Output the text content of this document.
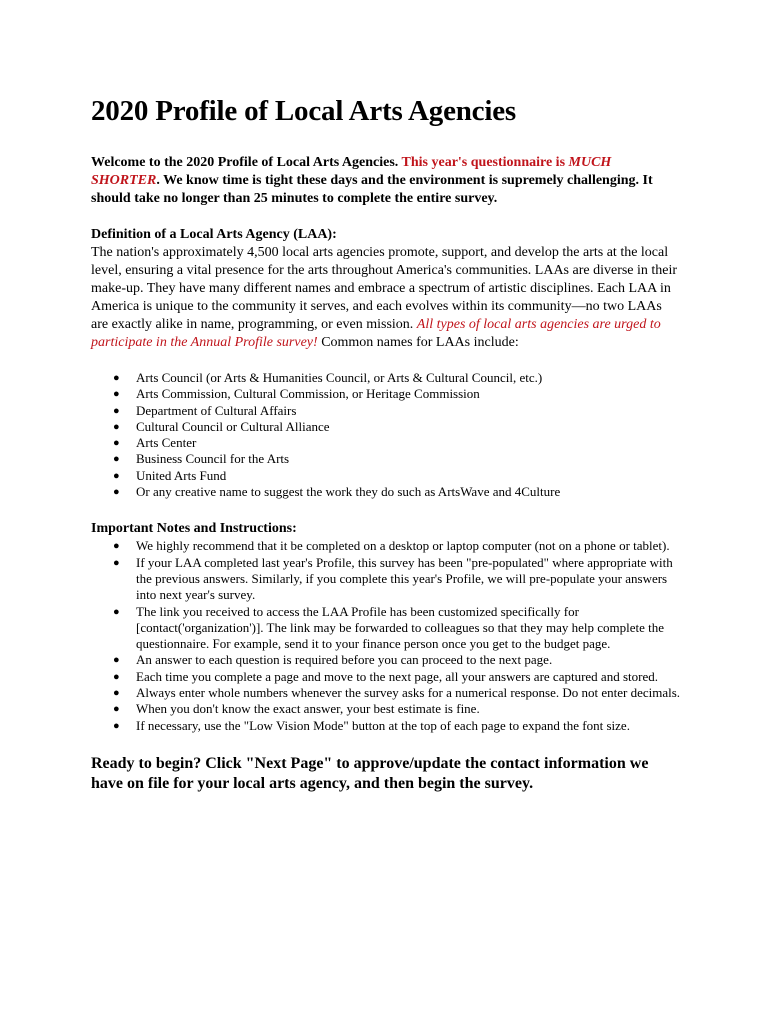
2020 Profile of Local Arts Agencies

Welcome to the 2020 Profile of Local Arts Agencies. This year's questionnaire is MUCH SHORTER. We know time is tight these days and the environment is supremely challenging. It should take no longer than 25 minutes to complete the entire survey.

Definition of a Local Arts Agency (LAA):

The nation's approximately 4,500 local arts agencies promote, support, and develop the arts at the local level, ensuring a vital presence for the arts throughout America's communities. LAAs are diverse in their make-up. They have many different names and embrace a spectrum of artistic disciplines. Each LAA in America is unique to the community it serves, and each evolves within its community—no two LAAs are exactly alike in name, programming, or even mission. All types of local arts agencies are urged to participate in the Annual Profile survey! Common names for LAAs include:

● Arts Council (or Arts & Humanities Council, or Arts & Cultural Council, etc.)
● Arts Commission, Cultural Commission, or Heritage Commission
● Department of Cultural Affairs
● Cultural Council or Cultural Alliance
● Arts Center
● Business Council for the Arts
● United Arts Fund
● Or any creative name to suggest the work they do such as ArtsWave and 4Culture

Important Notes and Instructions:

● We highly recommend that it be completed on a desktop or laptop computer (not on a phone or tablet).
● If your LAA completed last year's Profile, this survey has been "pre-populated" where appropriate with the previous answers. Similarly, if you complete this year's Profile, we will pre-populate your answers into next year's survey.
● The link you received to access the LAA Profile has been customized specifically for [contact('organization')]. The link may be forwarded to colleagues so that they may help complete the questionnaire. For example, send it to your finance person once you get to the budget page.
● An answer to each question is required before you can proceed to the next page.
● Each time you complete a page and move to the next page, all your answers are captured and stored.
● Always enter whole numbers whenever the survey asks for a numerical response. Do not enter decimals.
● When you don't know the exact answer, your best estimate is fine.
● If necessary, use the "Low Vision Mode" button at the top of each page to expand the font size.

Ready to begin? Click "Next Page" to approve/update the contact information we have on file for your local arts agency, and then begin the survey.
